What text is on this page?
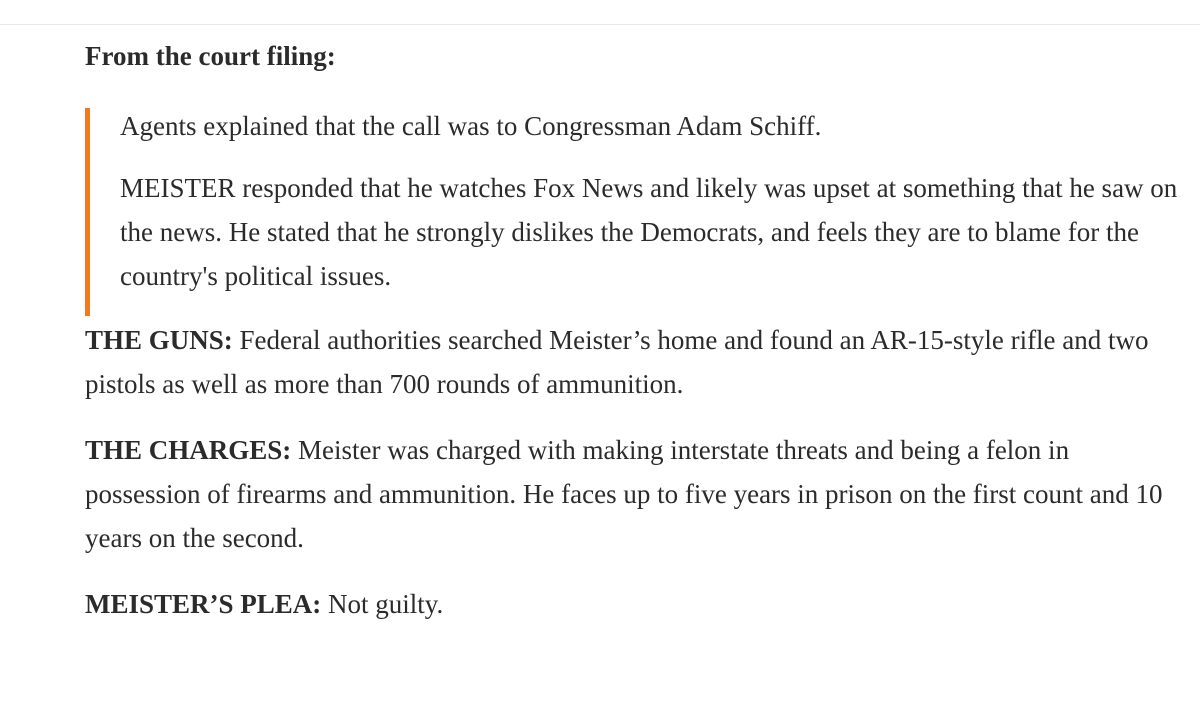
From the court filing:

Agents explained that the call was to Congressman Adam Schiff.

MEISTER responded that he watches Fox News and likely was upset at something that he saw on the news. He stated that he strongly dislikes the Democrats, and feels they are to blame for the country's political issues.

THE GUNS: Federal authorities searched Meister’s home and found an AR-15-style rifle and two pistols as well as more than 700 rounds of ammunition.

THE CHARGES: Meister was charged with making interstate threats and being a felon in possession of firearms and ammunition. He faces up to five years in prison on the first count and 10 years on the second.

MEISTER’S PLEA: Not guilty.
